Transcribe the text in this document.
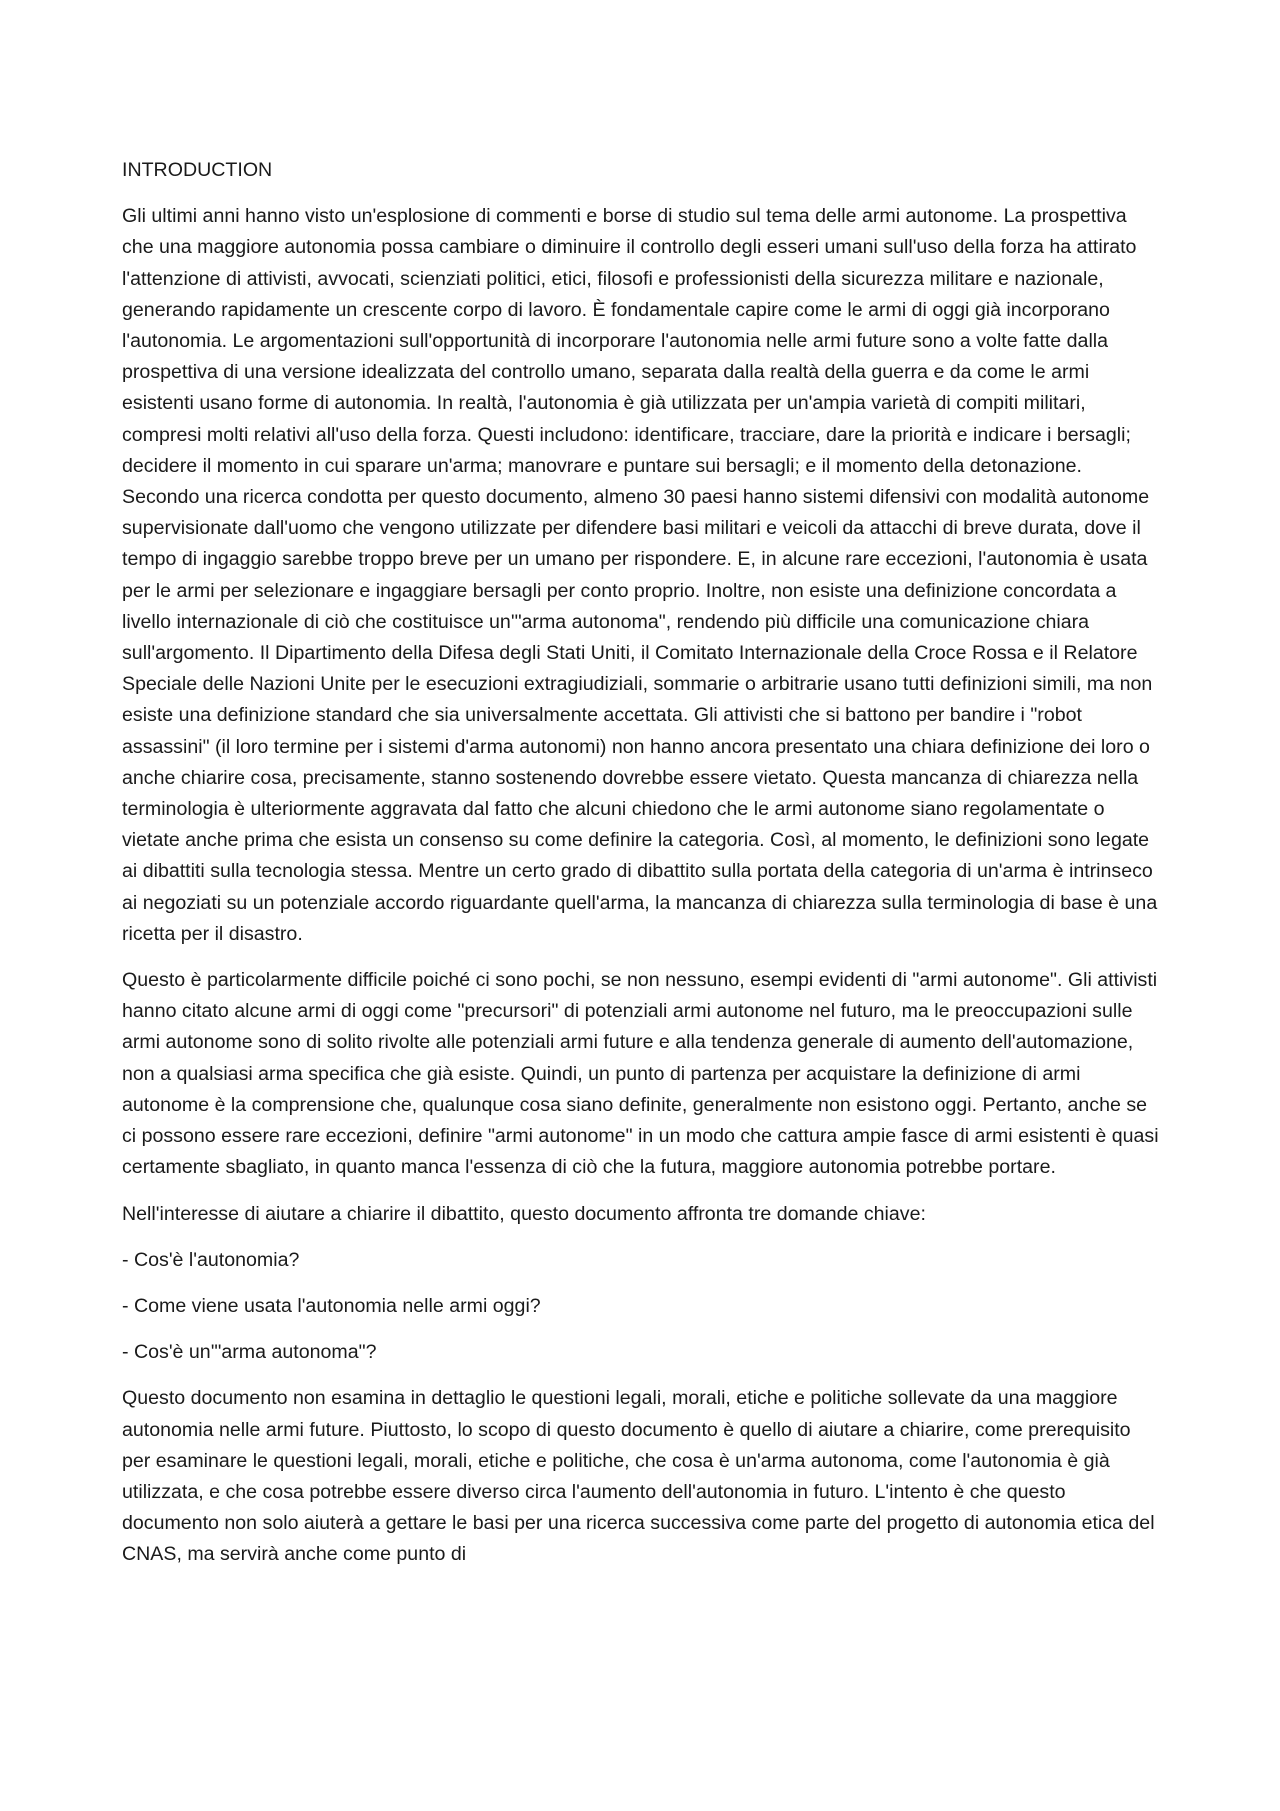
INTRODUCTION

Gli ultimi anni hanno visto un'esplosione di commenti e borse di studio sul tema delle armi autonome. La prospettiva che una maggiore autonomia possa cambiare o diminuire il controllo degli esseri umani sull'uso della forza ha attirato l'attenzione di attivisti, avvocati, scienziati politici, etici, filosofi e professionisti della sicurezza militare e nazionale, generando rapidamente un crescente corpo di lavoro. È fondamentale capire come le armi di oggi già incorporano l'autonomia. Le argomentazioni sull'opportunità di incorporare l'autonomia nelle armi future sono a volte fatte dalla prospettiva di una versione idealizzata del controllo umano, separata dalla realtà della guerra e da come le armi esistenti usano forme di autonomia. In realtà, l'autonomia è già utilizzata per un'ampia varietà di compiti militari, compresi molti relativi all'uso della forza. Questi includono: identificare, tracciare, dare la priorità e indicare i bersagli; decidere il momento in cui sparare un'arma; manovrare e puntare sui bersagli; e il momento della detonazione. Secondo una ricerca condotta per questo documento, almeno 30 paesi hanno sistemi difensivi con modalità autonome supervisionate dall'uomo che vengono utilizzate per difendere basi militari e veicoli da attacchi di breve durata, dove il tempo di ingaggio sarebbe troppo breve per un umano per rispondere. E, in alcune rare eccezioni, l'autonomia è usata per le armi per selezionare e ingaggiare bersagli per conto proprio. Inoltre, non esiste una definizione concordata a livello internazionale di ciò che costituisce un'"arma autonoma", rendendo più difficile una comunicazione chiara sull'argomento. Il Dipartimento della Difesa degli Stati Uniti, il Comitato Internazionale della Croce Rossa e il Relatore Speciale delle Nazioni Unite per le esecuzioni extragiudiziali, sommarie o arbitrarie usano tutti definizioni simili, ma non esiste una definizione standard che sia universalmente accettata. Gli attivisti che si battono per bandire i "robot assassini" (il loro termine per i sistemi d'arma autonomi) non hanno ancora presentato una chiara definizione dei loro o anche chiarire cosa, precisamente, stanno sostenendo dovrebbe essere vietato. Questa mancanza di chiarezza nella terminologia è ulteriormente aggravata dal fatto che alcuni chiedono che le armi autonome siano regolamentate o vietate anche prima che esista un consenso su come definire la categoria. Così, al momento, le definizioni sono legate ai dibattiti sulla tecnologia stessa. Mentre un certo grado di dibattito sulla portata della categoria di un'arma è intrinseco ai negoziati su un potenziale accordo riguardante quell'arma, la mancanza di chiarezza sulla terminologia di base è una ricetta per il disastro.

Questo è particolarmente difficile poiché ci sono pochi, se non nessuno, esempi evidenti di "armi autonome". Gli attivisti hanno citato alcune armi di oggi come "precursori" di potenziali armi autonome nel futuro, ma le preoccupazioni sulle armi autonome sono di solito rivolte alle potenziali armi future e alla tendenza generale di aumento dell'automazione, non a qualsiasi arma specifica che già esiste. Quindi, un punto di partenza per acquistare la definizione di armi autonome è la comprensione che, qualunque cosa siano definite, generalmente non esistono oggi. Pertanto, anche se ci possono essere rare eccezioni, definire "armi autonome" in un modo che cattura ampie fasce di armi esistenti è quasi certamente sbagliato, in quanto manca l'essenza di ciò che la futura, maggiore autonomia potrebbe portare.

Nell'interesse di aiutare a chiarire il dibattito, questo documento affronta tre domande chiave:

- Cos'è l'autonomia?
- Come viene usata l'autonomia nelle armi oggi?
- Cos'è un'"arma autonoma"?

Questo documento non esamina in dettaglio le questioni legali, morali, etiche e politiche sollevate da una maggiore autonomia nelle armi future. Piuttosto, lo scopo di questo documento è quello di aiutare a chiarire, come prerequisito per esaminare le questioni legali, morali, etiche e politiche, che cosa è un'arma autonoma, come l'autonomia è già utilizzata, e che cosa potrebbe essere diverso circa l'aumento dell'autonomia in futuro. L'intento è che questo documento non solo aiuterà a gettare le basi per una ricerca successiva come parte del progetto di autonomia etica del CNAS, ma servirà anche come punto di
